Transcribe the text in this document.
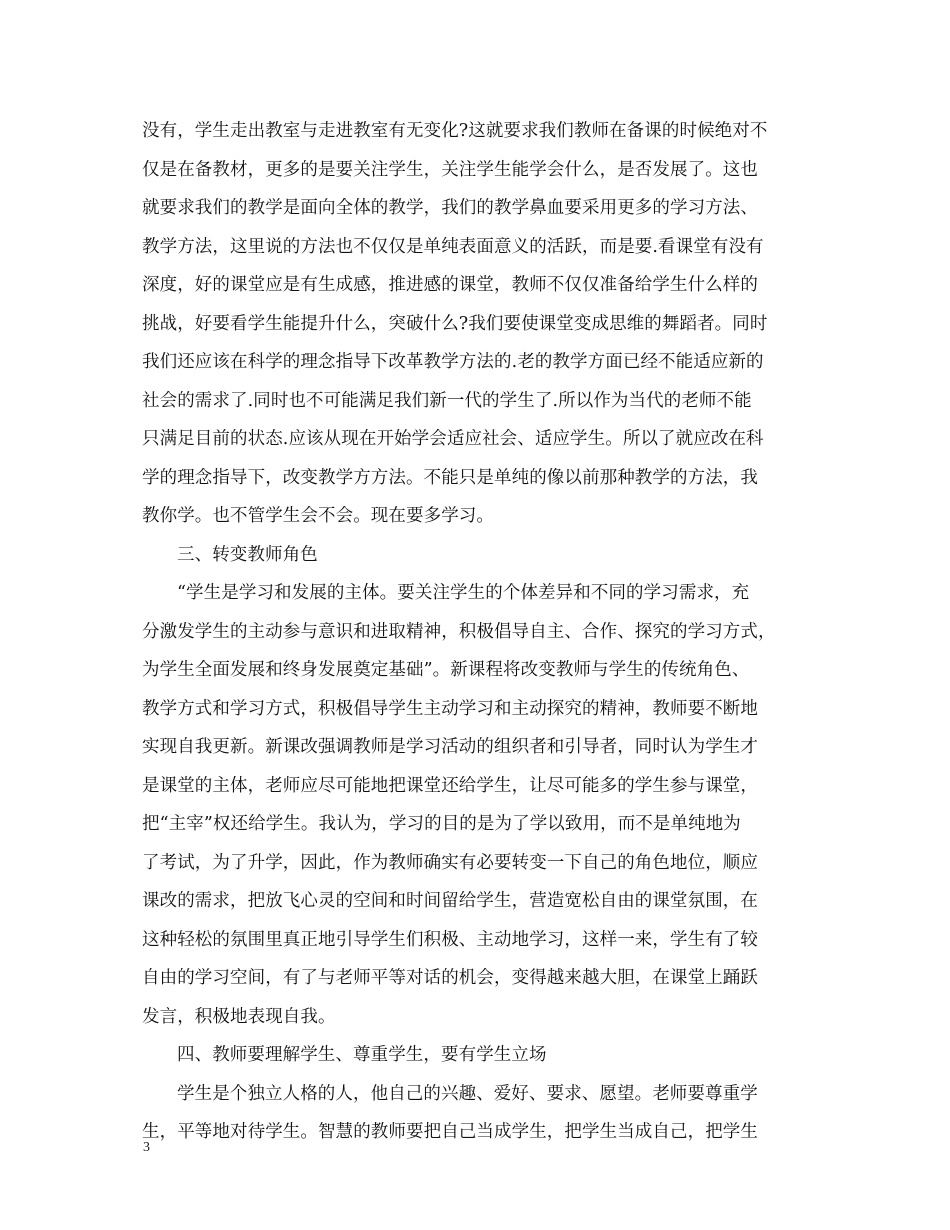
没有，学生走出教室与走进教室有无变化?这就要求我们教师在备课的时候绝对不
仅是在备教材，更多的是要关注学生，关注学生能学会什么，是否发展了。这也
就要求我们的教学是面向全体的教学，我们的教学鼻血要采用更多的学习方法、
教学方法，这里说的方法也不仅仅是单纯表面意义的活跃，而是要.看课堂有没有
深度，好的课堂应是有生成感，推进感的课堂，教师不仅仅准备给学生什么样的
挑战，好要看学生能提升什么，突破什么?我们要使课堂变成思维的舞蹈者。同时
我们还应该在科学的理念指导下改革教学方法的.老的教学方面已经不能适应新的
社会的需求了.同时也不可能满足我们新一代的学生了.所以作为当代的老师不能
只满足目前的状态.应该从现在开始学会适应社会、适应学生。所以了就应改在科
学的理念指导下，改变教学方方法。不能只是单纯的像以前那种教学的方法，我
教你学。也不管学生会不会。现在要多学习。
三、转变教师角色
“学生是学习和发展的主体。要关注学生的个体差异和不同的学习需求，充
分激发学生的主动参与意识和进取精神，积极倡导自主、合作、探究的学习方式，
为学生全面发展和终身发展奠定基础”。新课程将改变教师与学生的传统角色、
教学方式和学习方式，积极倡导学生主动学习和主动探究的精神，教师要不断地
实现自我更新。新课改强调教师是学习活动的组织者和引导者，同时认为学生才
是课堂的主体，老师应尽可能地把课堂还给学生，让尽可能多的学生参与课堂，
把“主宰”权还给学生。我认为，学习的目的是为了学以致用，而不是单纯地为
了考试，为了升学，因此，作为教师确实有必要转变一下自己的角色地位，顺应
课改的需求，把放飞心灵的空间和时间留给学生，营造宽松自由的课堂氛围，在
这种轻松的氛围里真正地引导学生们积极、主动地学习，这样一来，学生有了较
自由的学习空间，有了与老师平等对话的机会，变得越来越大胆，在课堂上踊跃
发言，积极地表现自我。
四、教师要理解学生、尊重学生，要有学生立场
学生是个独立人格的人，他自己的兴趣、爱好、要求、愿望。老师要尊重学
生，平等地对待学生。智慧的教师要把自己当成学生，把学生当成自己，把学生
3
